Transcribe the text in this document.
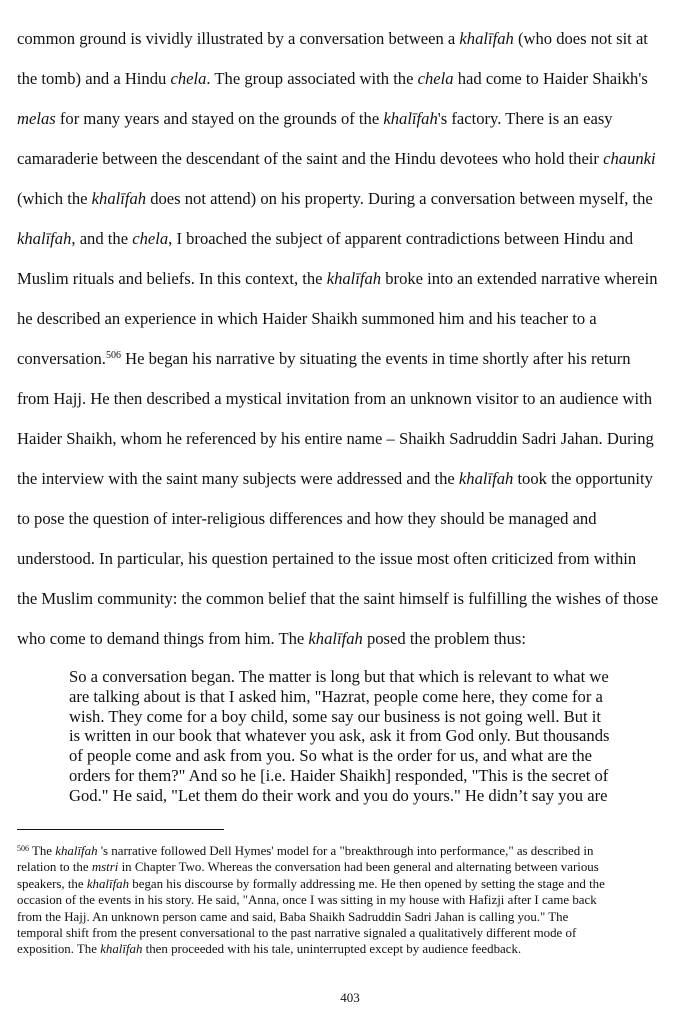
common ground is vividly illustrated by a conversation between a khalīfah (who does not sit at

the tomb) and a Hindu chela. The group associated with the chela had come to Haider Shaikh's

melas for many years and stayed on the grounds of the khalīfah's factory. There is an easy

camaraderie between the descendant of the saint and the Hindu devotees who hold their chaunki

(which the khalīfah does not attend) on his property. During a conversation between myself, the

khalīfah, and the chela, I broached the subject of apparent contradictions between Hindu and

Muslim rituals and beliefs. In this context, the khalīfah broke into an extended narrative wherein

he described an experience in which Haider Shaikh summoned him and his teacher to a

conversation.$^{506}$ He began his narrative by situating the events in time shortly after his return

from Hajj. He then described a mystical invitation from an unknown visitor to an audience with

Haider Shaikh, whom he referenced by his entire name – Shaikh Sadruddin Sadri Jahan. During

the interview with the saint many subjects were addressed and the khalīfah took the opportunity

to pose the question of inter-religious differences and how they should be managed and

understood. In particular, his question pertained to the issue most often criticized from within

the Muslim community: the common belief that the saint himself is fulfilling the wishes of those

who come to demand things from him. The khalīfah posed the problem thus:

So a conversation began. The matter is long but that which is relevant to what we

are talking about is that I asked him, "Hazrat, people come here, they come for a

wish. They come for a boy child, some say our business is not going well. But it

is written in our book that whatever you ask, ask it from God only. But thousands

of people come and ask from you. So what is the order for us, and what are the

orders for them?" And so he [i.e. Haider Shaikh] responded, "This is the secret of

God." He said, "Let them do their work and you do yours." He didn’t say you are

$^{506}$ The khalīfah 's narrative followed Dell Hymes' model for a "breakthrough into performance," as described in

relation to the mstri in Chapter Two. Whereas the conversation had been general and alternating between various

speakers, the khalīfah began his discourse by formally addressing me. He then opened by setting the stage and the

occasion of the events in his story. He said, "Anna, once I was sitting in my house with Hafizji after I came back

from the Hajj. An unknown person came and said, Baba Shaikh Sadruddin Sadri Jahan is calling you." The

temporal shift from the present conversational to the past narrative signaled a qualitatively different mode of

exposition. The khalīfah then proceeded with his tale, uninterrupted except by audience feedback.

403
